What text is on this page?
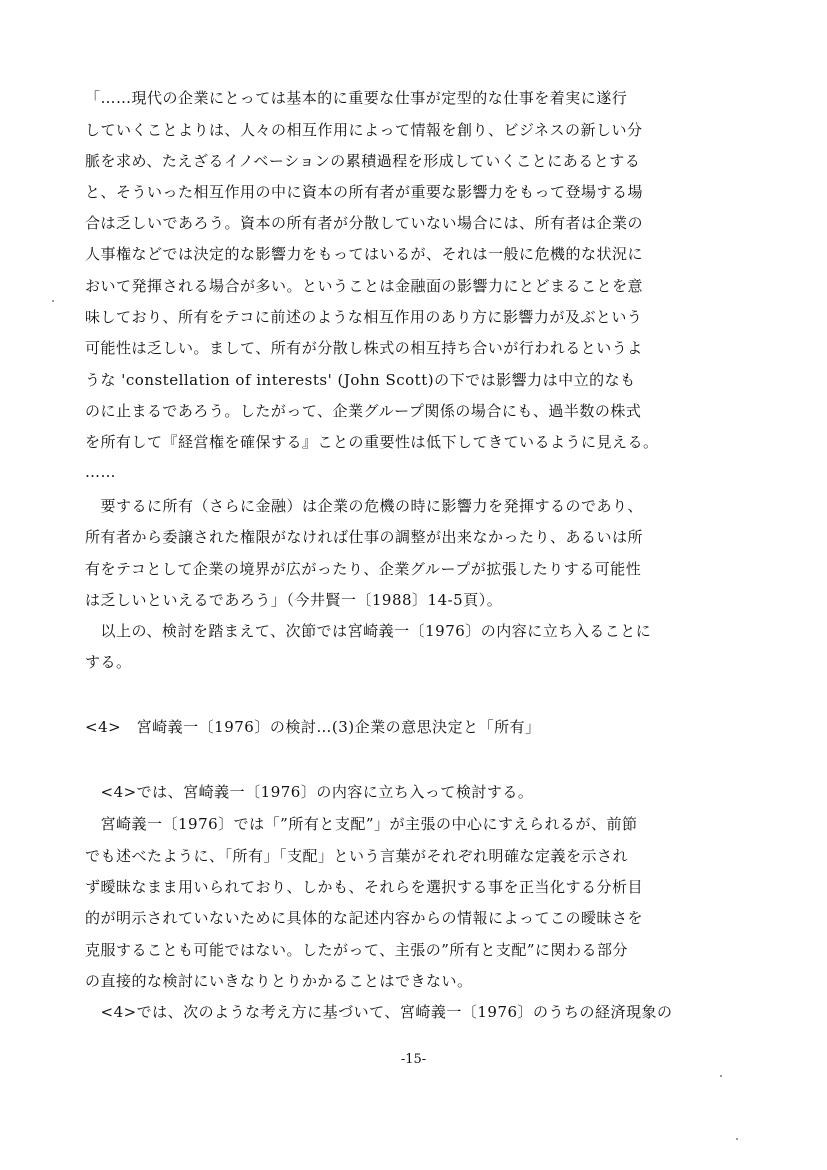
「……現代の企業にとっては基本的に重要な仕事が定型的な仕事を着実に遂行
していくことよりは、人々の相互作用によって情報を創り、ビジネスの新しい分
脈を求め、たえざるイノベーションの累積過程を形成していくことにあるとする
と、そういった相互作用の中に資本の所有者が重要な影響力をもって登場する場
合は乏しいであろう。資本の所有者が分散していない場合には、所有者は企業の
人事権などでは決定的な影響力をもってはいるが、それは一般に危機的な状況に
おいて発揮される場合が多い。ということは金融面の影響力にとどまることを意
味しており、所有をテコに前述のような相互作用のあり方に影響力が及ぶという
可能性は乏しい。まして、所有が分散し株式の相互持ち合いが行われるというよ
うな 'constellation of interests' (John Scott)の下では影響力は中立的なも
のに止まるであろう。したがって、企業グループ関係の場合にも、過半数の株式
を所有して『経営権を確保する』ことの重要性は低下してきているように見える。
……
　要するに所有（さらに金融）は企業の危機の時に影響力を発揮するのであり、
所有者から委譲された権限がなければ仕事の調整が出来なかったり、あるいは所
有をテコとして企業の境界が広がったり、企業グループが拡張したりする可能性
は乏しいといえるであろう」（今井賢一〔1988〕14-5頁）。
　以上の、検討を踏まえて、次節では宮崎義一〔1976〕の内容に立ち入ることに
する。
<4>　宮崎義一〔1976〕の検討…(3)企業の意思決定と「所有」
　<4>では、宮崎義一〔1976〕の内容に立ち入って検討する。
　宮崎義一〔1976〕では「”所有と支配”」が主張の中心にすえられるが、前節
でも述べたように、「所有」「支配」という言葉がそれぞれ明確な定義を示され
ず曖昧なまま用いられており、しかも、それらを選択する事を正当化する分析目
的が明示されていないために具体的な記述内容からの情報によってこの曖昧さを
克服することも可能ではない。したがって、主張の”所有と支配”に関わる部分
の直接的な検討にいきなりとりかかることはできない。
　<4>では、次のような考え方に基づいて、宮崎義一〔1976〕のうちの経済現象の
-15-
